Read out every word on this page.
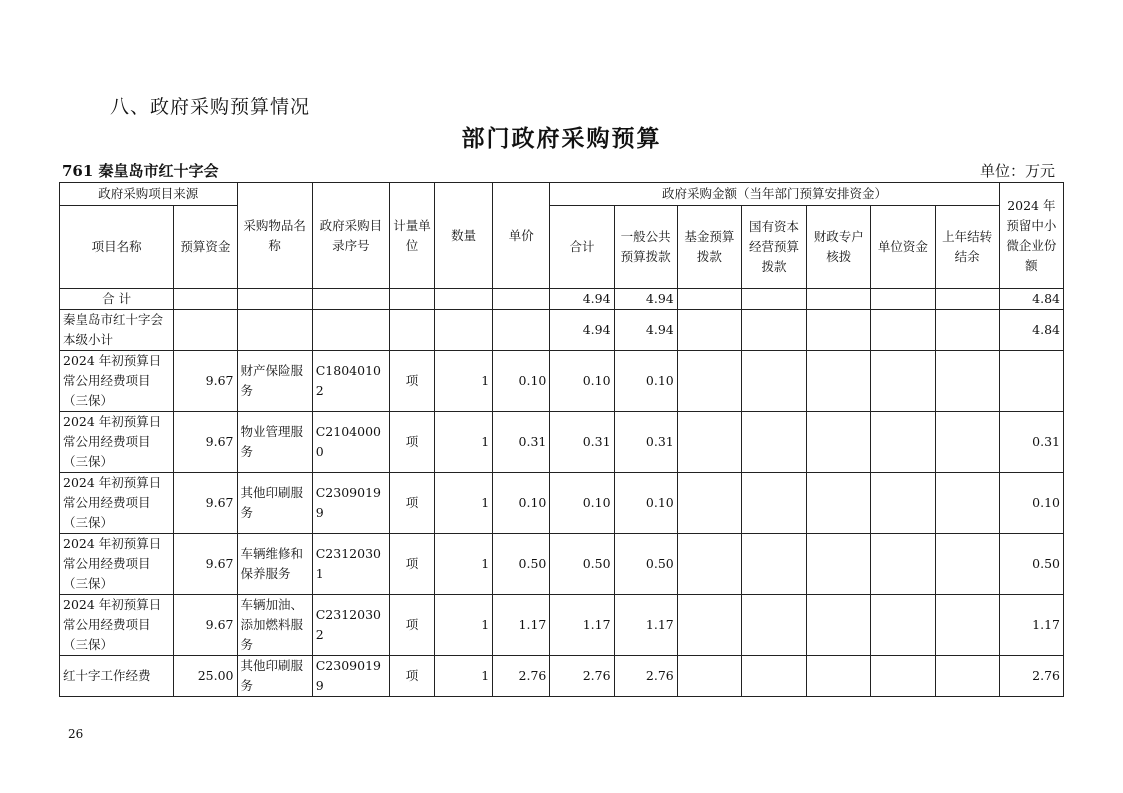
八、政府采购预算情况
部门政府采购预算
761 秦皇岛市红十字会	单位：万元
政府采购项目来源		采购物品名称	政府采购目录序号	计量单位	数量	单价	政府采购金额（当年部门预算安排资金）							2024 年预留中小微企业份额
项目名称	预算资金						合计	一般公共预算拨款	基金预算拨款	国有资本经营预算拨款	财政专户核拨	单位资金	上年结转结余	
合 计							4.94	4.94						4.84
秦皇岛市红十字会本级小计							4.94	4.94						4.84
2024 年初预算日常公用经费项目（三保）	9.67	财产保险服务	C18040102	项	1	0.10	0.10	0.10						
2024 年初预算日常公用经费项目（三保）	9.67	物业管理服务	C21040000	项	1	0.31	0.31	0.31						0.31
2024 年初预算日常公用经费项目（三保）	9.67	其他印刷服务	C23090199	项	1	0.10	0.10	0.10						0.10
2024 年初预算日常公用经费项目（三保）	9.67	车辆维修和保养服务	C23120301	项	1	0.50	0.50	0.50						0.50
2024 年初预算日常公用经费项目（三保）	9.67	车辆加油、添加燃料服务	C23120302	项	1	1.17	1.17	1.17						1.17
红十字工作经费	25.00	其他印刷服务	C23090199	项	1	2.76	2.76	2.76						2.76
26
